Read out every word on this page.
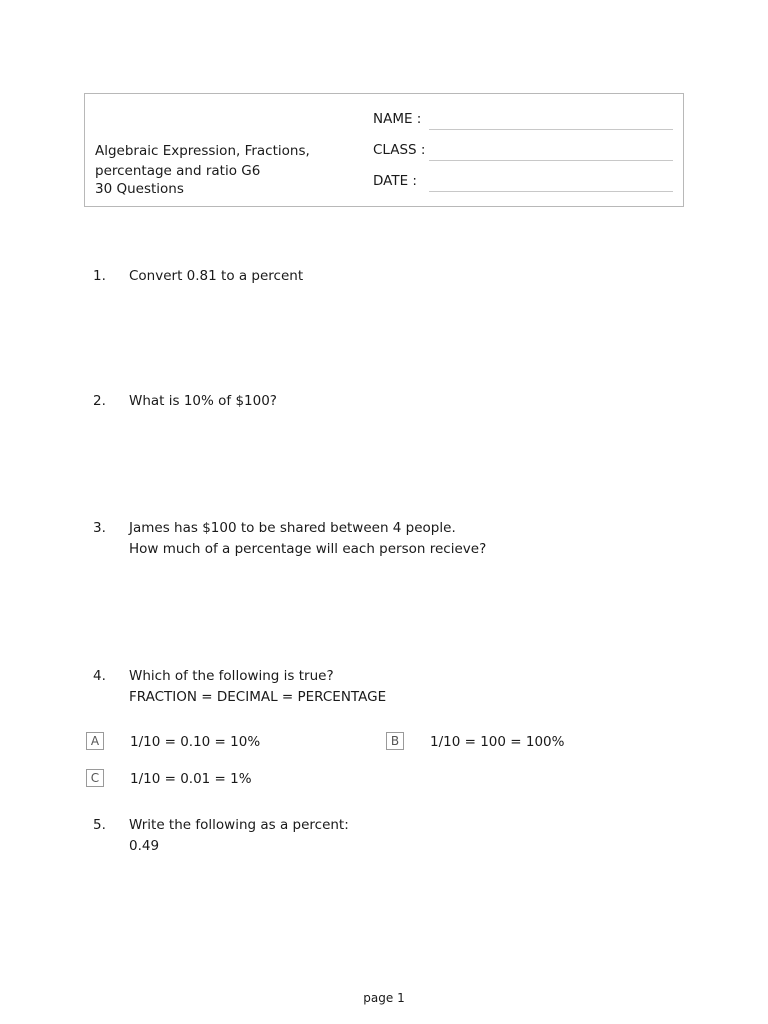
Algebraic Expression, Fractions,
percentage and ratio G6
30 Questions
NAME :
CLASS :
DATE :
1. Convert 0.81 to a percent
2. What is 10% of $100?
3. James has $100 to be shared between 4 people.
How much of a percentage will each person recieve?
4. Which of the following is true?
FRACTION = DECIMAL = PERCENTAGE
A	1/10 = 0.10 = 10%	B	1/10 = 100 = 100%
C	1/10 = 0.01 = 1%
5. Write the following as a percent:
0.49
page 1
